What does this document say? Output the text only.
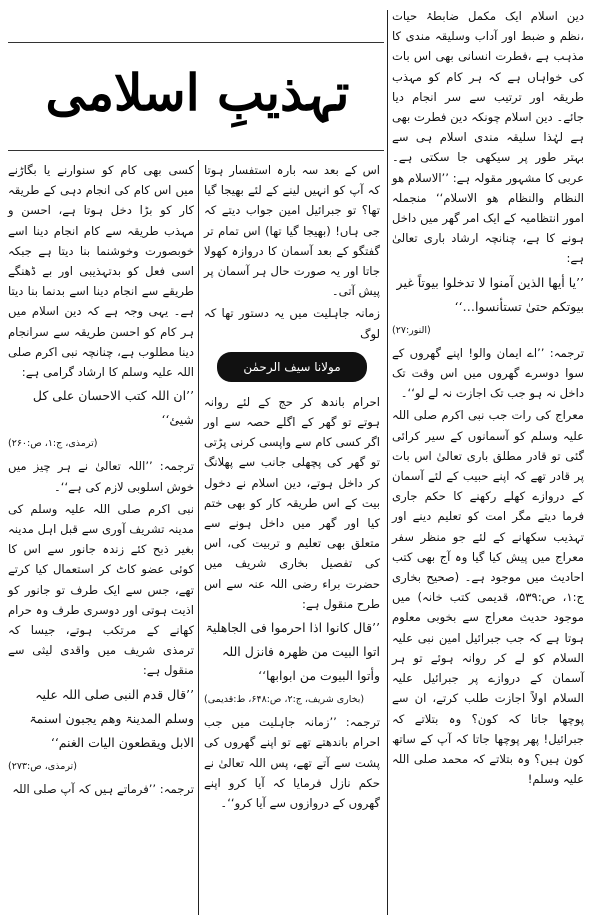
دین اسلام ایک مکمل ضابطۂ حیات ،نظم و ضبط اور آداب وسلیقہ مندی کا مذہب ہے ،فطرت انسانی بھی اس بات کی خواہاں ہے کہ ہر کام کو مہذب طریقہ اور ترتیب سے سر انجام دیا جائے۔ دین اسلام چونکہ دین فطرت بھی ہے لہٰذا سلیقہ مندی اسلام ہی سے بہتر طور پر سیکھی جا سکتی ہے۔ عربی کا مشہور مقولہ ہے: ’’الاسلام ھو النظام والنظام ھو الاسلام‘‘ منجملہ امور انتظامیہ کے ایک امر گھر میں داخل ہونے کا ہے، چنانچہ ارشاد باری تعالیٰ ہے:

’’یا أیھا الذین آمنوا لا تدخلوا بیوتاً غیر بیوتکم حتیٰ تستأنسوا…‘‘

(النور:۲۷)

ترجمہ: ’’اے ایمان والو! اپنے گھروں کے سوا دوسرے گھروں میں اس وقت تک داخل نہ ہو جب تک اجازت نہ لے لو‘‘۔

معراج کی رات جب نبی اکرم صلی اللہ علیہ وسلم کو آسمانوں کے سیر کرائی گئی تو قادر مطلق باری تعالیٰ اس بات پر قادر تھے کہ اپنے حبیب کے لئے آسمان کے دروازے کھلے رکھنے کا حکم جاری فرما دیتے مگر امت کو تعلیم دینے اور تہذیب سکھانے کے لئے جو منظر سفر معراج میں پیش کیا گیا وہ آج بھی کتب احادیث میں موجود ہے۔ (صحیح بخاری ج:۱، ص:۵۳۹، قدیمی کتب خانہ) میں موجود حدیث معراج سے بخوبی معلوم ہوتا ہے کہ جب جبرائیل امین نبی علیہ السلام کو لے کر روانہ ہوئے تو ہر آسمان کے دروازے پر جبرائیل علیہ السلام اولاً اجازت طلب کرتے، ان سے پوچھا جاتا کہ کون؟ وہ بتلاتے کہ جبرائیل! پھر پوچھا جاتا کہ آپ کے ساتھ کون ہیں؟ وہ بتلاتے کہ محمد صلی اللہ علیہ وسلم!

تہذیبِ اسلامی

اس کے بعد سہ بارہ استفسار ہوتا کہ آپ کو انہیں لینے کے لئے بھیجا گیا تھا؟ تو جبرائیل امین جواب دیتے کہ جی ہاں! (بھیجا گیا تھا) اس تمام تر گفتگو کے بعد آسمان کا دروازہ کھولا جاتا اور یہ صورت حال ہر آسمان پر پیش آتی۔

زمانہ جاہلیت میں یہ دستور تھا کہ لوگ

مولانا سیف الرحمٰن

احرام باندھ کر حج کے لئے روانہ ہوتے تو گھر کے اگلے حصہ سے اور اگر کسی کام سے واپسی کرنی پڑتی تو گھر کی پچھلی جانب سے پھلانگ کر داخل ہوتے، دین اسلام نے دخول بیت کے اس طریقہ کار کو بھی ختم کیا اور گھر میں داخل ہونے سے متعلق بھی تعلیم و تربیت کی، اس کی تفصیل بخاری شریف میں حضرت براء رضی اللہ عنہ سے اس طرح منقول ہے:

’’قال کانوا اذا احرموا فی الجاھلیۃ اتوا البیت من ظھرہ فانزل اللہ وأتوا البیوت من ابوابھا‘‘

(بخاری شریف، ج:۲، ص:۶۴۸، ط:قدیمی)

ترجمہ: ’’زمانہ جاہلیت میں جب احرام باندھتے تھے تو اپنے گھروں کی پشت سے آتے تھے، پس اللہ تعالیٰ نے حکم نازل فرمایا کہ آیا کرو اپنے گھروں کے دروازوں سے آیا کرو‘‘۔

کسی بھی کام کو سنوارنے یا بگاڑنے میں اس کام کی انجام دہی کے طریقہ کار کو بڑا دخل ہوتا ہے، احسن و مہذب طریقہ سے کام انجام دینا اسے خوبصورت وخوشنما بنا دیتا ہے جبکہ اسی فعل کو بدتہذیبی اور بے ڈھنگے طریقے سے انجام دینا اسے بدنما بنا دیتا ہے۔ یہی وجہ ہے کہ دین اسلام میں ہر کام کو احسن طریقہ سے سرانجام دینا مطلوب ہے، چنانچہ نبی اکرم صلی اللہ علیہ وسلم کا ارشاد گرامی ہے:

’’ان اللہ کتب الاحسان علی کل شیئ‘‘

(ترمذی، ج:۱، ص:۲۶۰)

ترجمہ: ’’اللہ تعالیٰ نے ہر چیز میں خوش اسلوبی لازم کی ہے‘‘۔

نبی اکرم صلی اللہ علیہ وسلم کی مدینہ تشریف آوری سے قبل اہل مدینہ بغیر ذبح کئے زندہ جانور سے اس کا کوئی عضو کاٹ کر استعمال کیا کرتے تھے، جس سے ایک طرف تو جانور کو اذیت ہوتی اور دوسری طرف وہ حرام کھانے کے مرتکب ہوتے، جیسا کہ ترمذی شریف میں واقدی لیثی سے منقول ہے:

’’قال قدم النبی صلی اللہ علیہ وسلم المدینۃ وھم یجبون اسنمۃ الابل ویقطعون الیات الغنم‘‘

(ترمذی، ص:۲۷۳)

ترجمہ: ’’فرماتے ہیں کہ آپ صلی اللہ
